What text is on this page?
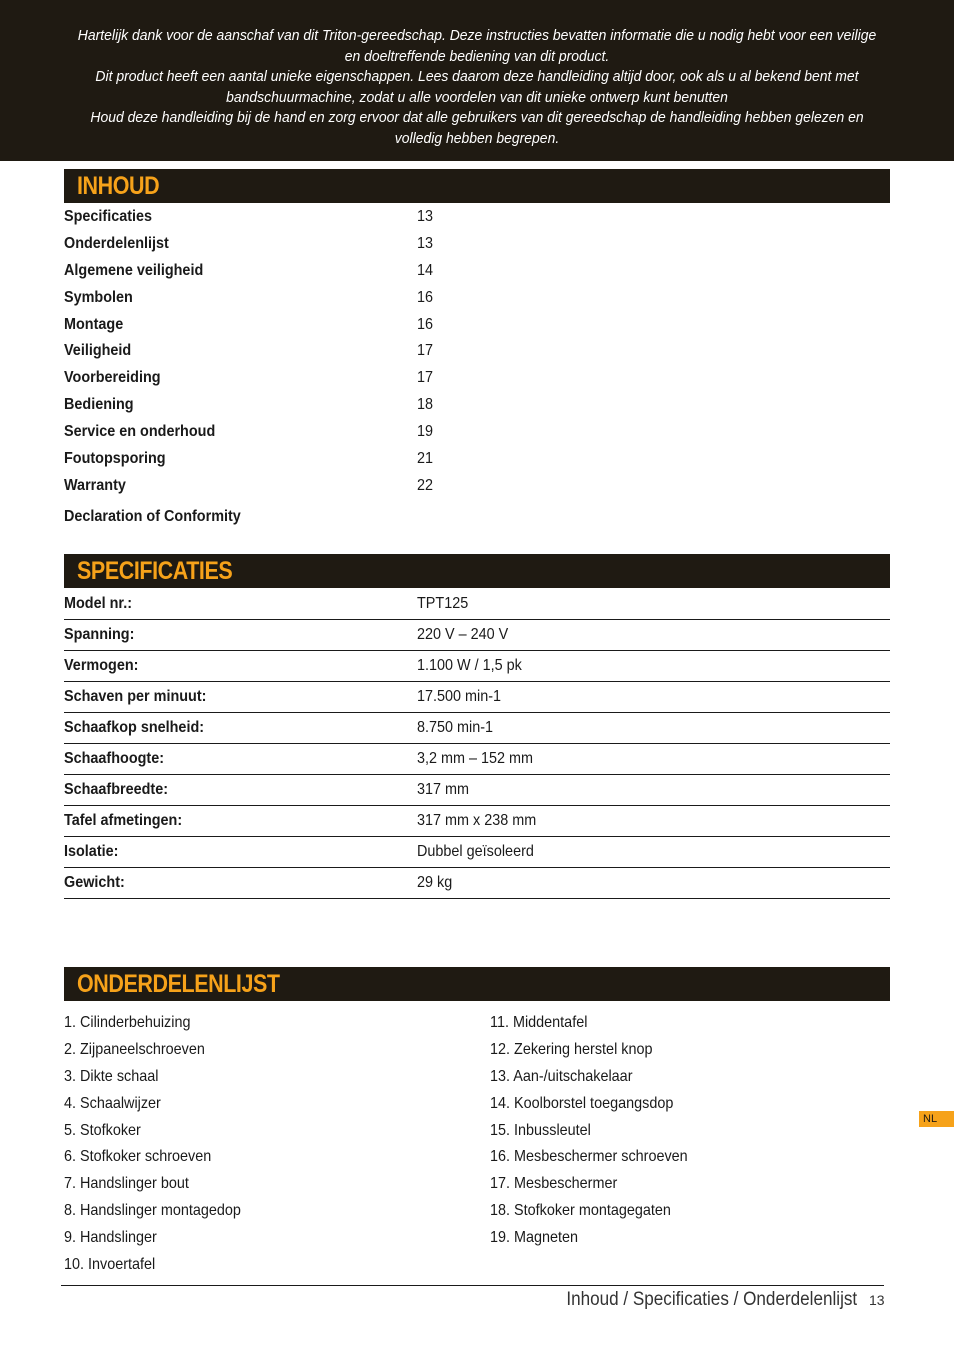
Hartelijk dank voor de aanschaf van dit Triton-gereedschap. Deze instructies bevatten informatie die u nodig hebt voor een veilige en doeltreffende bediening van dit product.

Dit product heeft een aantal unieke eigenschappen. Lees daarom deze handleiding altijd door, ook als u al bekend bent met bandschuurmachine, zodat u alle voordelen van dit unieke ontwerp kunt benutten

Houd deze handleiding bij de hand en zorg ervoor dat alle gebruikers van dit gereedschap de handleiding hebben gelezen en volledig hebben begrepen.

INHOUD
Specificaties	13
Onderdelenlijst	13
Algemene veiligheid	14
Symbolen	16
Montage	16
Veiligheid	17
Voorbereiding	17
Bediening	18
Service en onderhoud	19
Foutopsporing	21
Warranty	22
Declaration of Conformity
SPECIFICATIES
Model nr.:	TPT125
Spanning:	220 V – 240 V
Vermogen:	1.100 W / 1,5 pk
Schaven per minuut:	17.500 min-1
Schaafkop snelheid:	8.750 min-1
Schaafhoogte:	3,2 mm – 152 mm
Schaafbreedte:	317 mm
Tafel afmetingen:	317 mm x 238 mm
Isolatie:	Dubbel geïsoleerd
Gewicht:	29 kg
ONDERDELENLIJST
1. Cilinderbehuizing
2. Zijpaneelschroeven
3. Dikte schaal
4. Schaalwijzer
5. Stofkoker
6. Stofkoker schroeven
7. Handslinger bout
8. Handslinger montagedop
9. Handslinger
10. Invoertafel
11. Middentafel
12. Zekering herstel knop
13. Aan-/uitschakelaar
14. Koolborstel toegangsdop
15. Inbussleutel
16. Mesbeschermer schroeven
17. Mesbeschermer
18. Stofkoker montagegaten
19. Magneten
NL
Inhoud / Specificaties / Onderdelenlijst 13
